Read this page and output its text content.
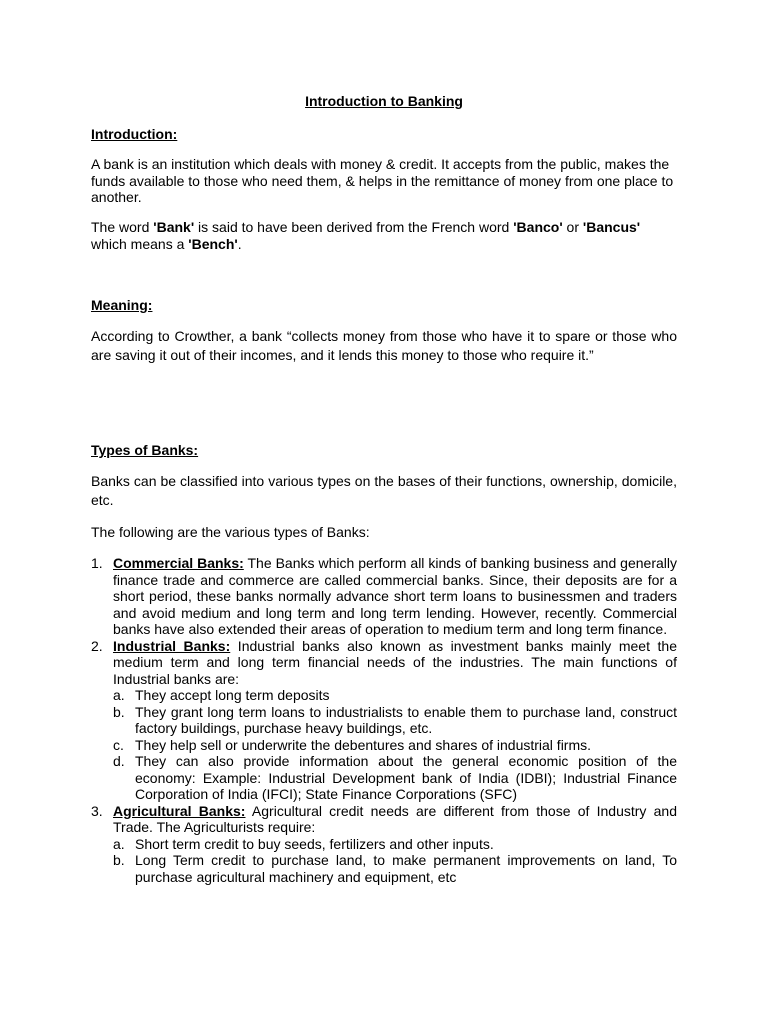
Introduction to Banking

Introduction:

A bank is an institution which deals with money & credit. It accepts from the public, makes the funds available to those who need them, & helps in the remittance of money from one place to another.

The word 'Bank' is said to have been derived from the French word 'Banco' or 'Bancus' which means a 'Bench'.

Meaning:

According to Crowther, a bank “collects money from those who have it to spare or those who are saving it out of their incomes, and it lends this money to those who require it.”

Types of Banks:

Banks can be classified into various types on the bases of their functions, ownership, domicile, etc.

The following are the various types of Banks:

1. Commercial Banks: The Banks which perform all kinds of banking business and generally finance trade and commerce are called commercial banks. Since, their deposits are for a short period, these banks normally advance short term loans to businessmen and traders and avoid medium and long term and long term lending. However, recently. Commercial banks have also extended their areas of operation to medium term and long term finance.
2. Industrial Banks: Industrial banks also known as investment banks mainly meet the medium term and long term financial needs of the industries. The main functions of Industrial banks are:
a. They accept long term deposits
b. They grant long term loans to industrialists to enable them to purchase land, construct factory buildings, purchase heavy buildings, etc.
c. They help sell or underwrite the debentures and shares of industrial firms.
d. They can also provide information about the general economic position of the economy: Example: Industrial Development bank of India (IDBI); Industrial Finance Corporation of India (IFCI); State Finance Corporations (SFC)
3. Agricultural Banks: Agricultural credit needs are different from those of Industry and Trade. The Agriculturists require:
a. Short term credit to buy seeds, fertilizers and other inputs.
b. Long Term credit to purchase land, to make permanent improvements on land, To purchase agricultural machinery and equipment, etc
